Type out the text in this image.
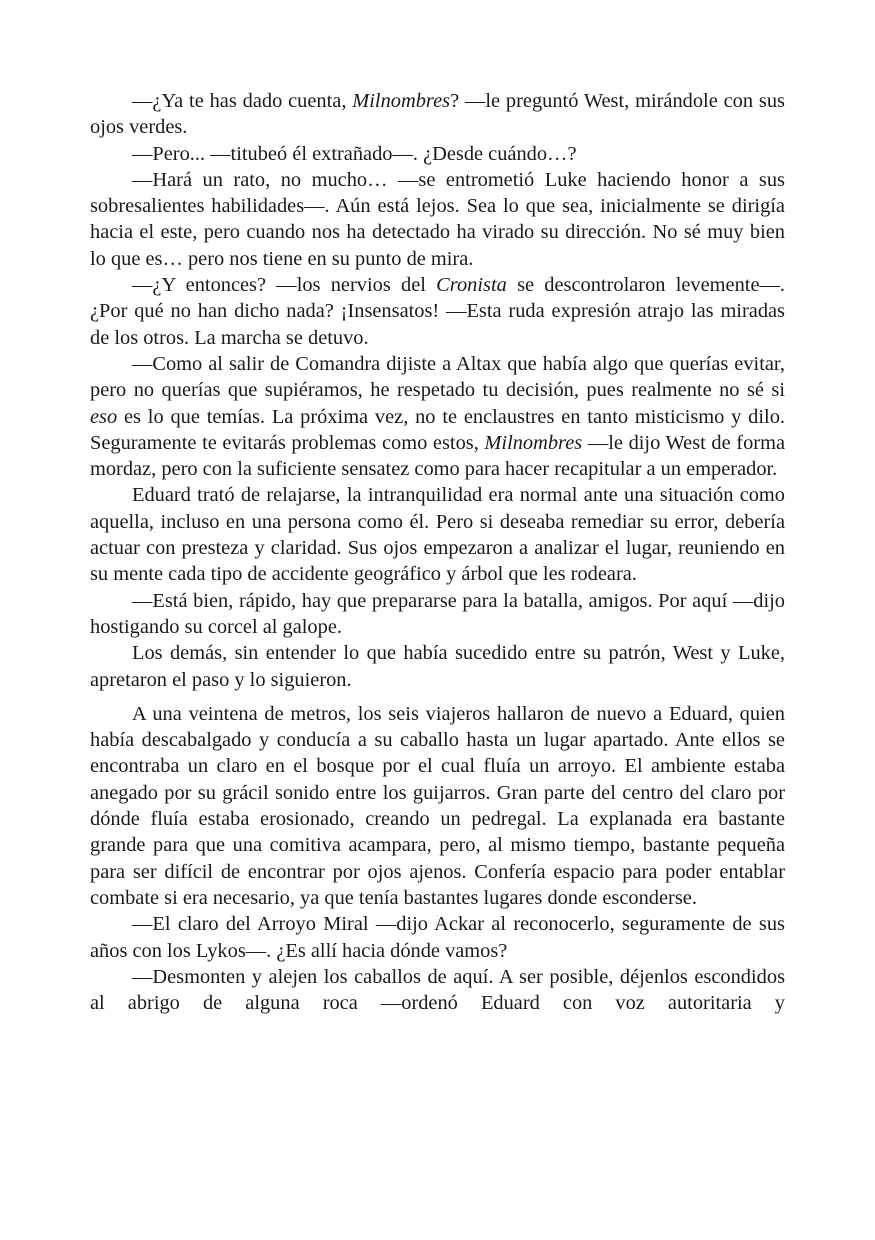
—¿Ya te has dado cuenta, Milnombres? —le preguntó West, mirándole con sus ojos verdes.

—Pero... —titubeó él extrañado—. ¿Desde cuándo…?

—Hará un rato, no mucho… —se entrometió Luke haciendo honor a sus sobresalientes habilidades—. Aún está lejos. Sea lo que sea, inicialmente se dirigía hacia el este, pero cuando nos ha detectado ha virado su dirección. No sé muy bien lo que es… pero nos tiene en su punto de mira.

—¿Y entonces? —los nervios del Cronista se descontrolaron levemente—. ¿Por qué no han dicho nada? ¡Insensatos! —Esta ruda expresión atrajo las miradas de los otros. La marcha se detuvo.

—Como al salir de Comandra dijiste a Altax que había algo que querías evitar, pero no querías que supiéramos, he respetado tu decisión, pues realmente no sé si eso es lo que temías. La próxima vez, no te enclaustres en tanto misticismo y dilo. Seguramente te evitarás problemas como estos, Milnombres —le dijo West de forma mordaz, pero con la suficiente sensatez como para hacer recapitular a un emperador.

Eduard trató de relajarse, la intranquilidad era normal ante una situación como aquella, incluso en una persona como él. Pero si deseaba remediar su error, debería actuar con presteza y claridad. Sus ojos empezaron a analizar el lugar, reuniendo en su mente cada tipo de accidente geográfico y árbol que les rodeara.

—Está bien, rápido, hay que prepararse para la batalla, amigos. Por aquí —dijo hostigando su corcel al galope.

Los demás, sin entender lo que había sucedido entre su patrón, West y Luke, apretaron el paso y lo siguieron.

A una veintena de metros, los seis viajeros hallaron de nuevo a Eduard, quien había descabalgado y conducía a su caballo hasta un lugar apartado. Ante ellos se encontraba un claro en el bosque por el cual fluía un arroyo. El ambiente estaba anegado por su grácil sonido entre los guijarros. Gran parte del centro del claro por dónde fluía estaba erosionado, creando un pedregal. La explanada era bastante grande para que una comitiva acampara, pero, al mismo tiempo, bastante pequeña para ser difícil de encontrar por ojos ajenos. Confería espacio para poder entablar combate si era necesario, ya que tenía bastantes lugares donde esconderse.

—El claro del Arroyo Miral —dijo Ackar al reconocerlo, seguramente de sus años con los Lykos—. ¿Es allí hacia dónde vamos?

—Desmonten y alejen los caballos de aquí. A ser posible, déjenlos escondidos al abrigo de alguna roca —ordenó Eduard con voz autoritaria y
